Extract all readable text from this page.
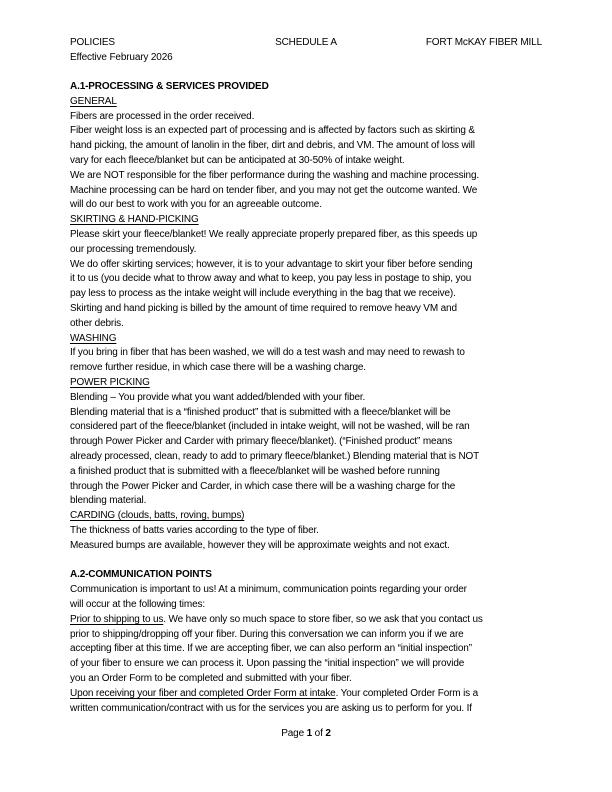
POLICIES	SCHEDULE A	FORT McKAY FIBER MILL
Effective February 2026
A.1-PROCESSING & SERVICES PROVIDED
GENERAL
Fibers are processed in the order received.
Fiber weight loss is an expected part of processing and is affected by factors such as skirting &
hand picking, the amount of lanolin in the fiber, dirt and debris, and VM. The amount of loss will
vary for each fleece/blanket but can be anticipated at 30-50% of intake weight.
We are NOT responsible for the fiber performance during the washing and machine processing.
Machine processing can be hard on tender fiber, and you may not get the outcome wanted. We
will do our best to work with you for an agreeable outcome.
SKIRTING & HAND-PICKING
Please skirt your fleece/blanket! We really appreciate properly prepared fiber, as this speeds up
our processing tremendously.
We do offer skirting services; however, it is to your advantage to skirt your fiber before sending
it to us (you decide what to throw away and what to keep, you pay less in postage to ship, you
pay less to process as the intake weight will include everything in the bag that we receive).
Skirting and hand picking is billed by the amount of time required to remove heavy VM and
other debris.
WASHING
If you bring in fiber that has been washed, we will do a test wash and may need to rewash to
remove further residue, in which case there will be a washing charge.
POWER PICKING
Blending – You provide what you want added/blended with your fiber.
Blending material that is a “finished product” that is submitted with a fleece/blanket will be
considered part of the fleece/blanket (included in intake weight, will not be washed, will be ran
through Power Picker and Carder with primary fleece/blanket). (“Finished product” means
already processed, clean, ready to add to primary fleece/blanket.) Blending material that is NOT
a finished product that is submitted with a fleece/blanket will be washed before running
through the Power Picker and Carder, in which case there will be a washing charge for the
blending material.
CARDING (clouds, batts, roving, bumps)
The thickness of batts varies according to the type of fiber.
Measured bumps are available, however they will be approximate weights and not exact.
A.2-COMMUNICATION POINTS
Communication is important to us! At a minimum, communication points regarding your order
will occur at the following times:
Prior to shipping to us. We have only so much space to store fiber, so we ask that you contact us
prior to shipping/dropping off your fiber. During this conversation we can inform you if we are
accepting fiber at this time. If we are accepting fiber, we can also perform an “initial inspection”
of your fiber to ensure we can process it. Upon passing the “initial inspection” we will provide
you an Order Form to be completed and submitted with your fiber.
Upon receiving your fiber and completed Order Form at intake. Your completed Order Form is a
written communication/contract with us for the services you are asking us to perform for you. If
Page 1 of 2
